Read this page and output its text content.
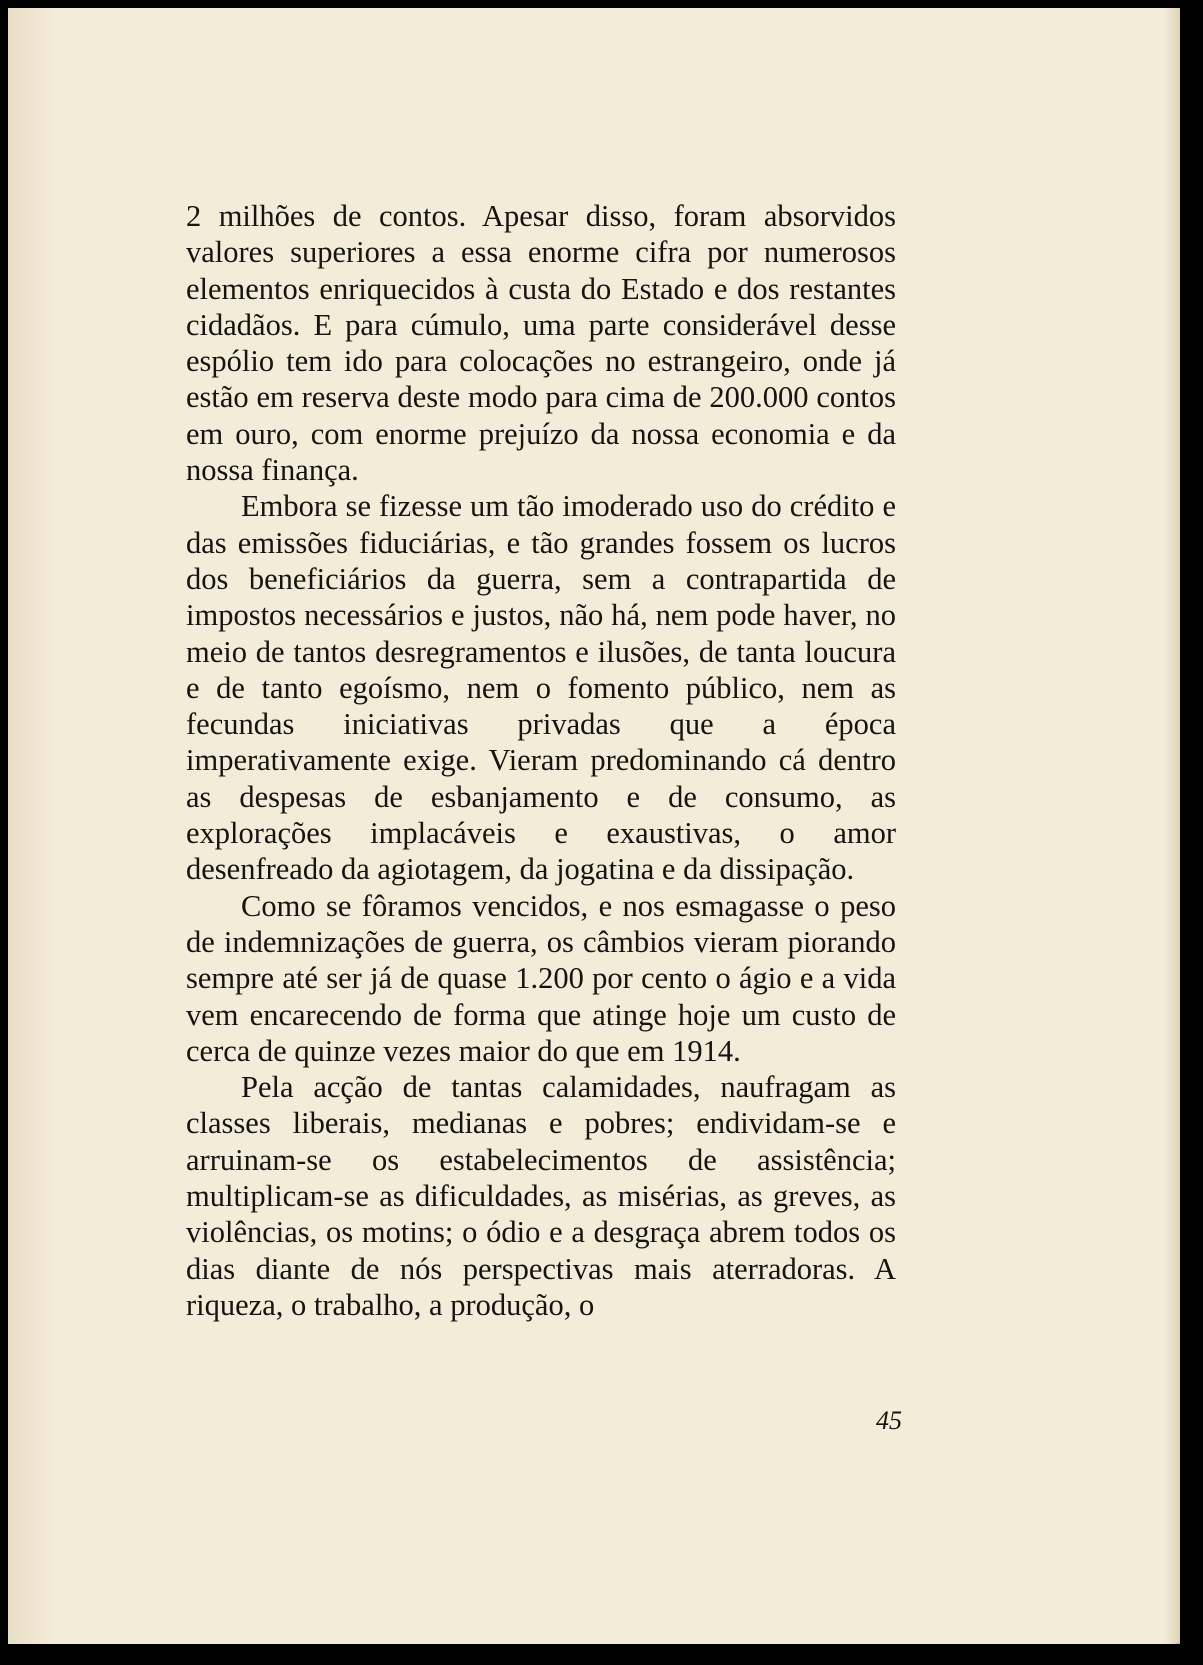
2 milhões de contos. Apesar disso, foram absorvidos valores superiores a essa enorme cifra por numerosos elementos enriquecidos à custa do Estado e dos restantes cidadãos. E para cúmulo, uma parte considerável desse espólio tem ido para colocações no estrangeiro, onde já estão em reserva deste modo para cima de 200.000 contos em ouro, com enorme prejuízo da nossa economia e da nossa finança.

Embora se fizesse um tão imoderado uso do crédito e das emissões fiduciárias, e tão grandes fossem os lucros dos beneficiários da guerra, sem a contrapartida de impostos necessários e justos, não há, nem pode haver, no meio de tantos desregramentos e ilusões, de tanta loucura e de tanto egoísmo, nem o fomento público, nem as fecundas iniciativas privadas que a época imperativamente exige. Vieram predominando cá dentro as despesas de esbanjamento e de consumo, as explorações implacáveis e exaustivas, o amor desenfreado da agiotagem, da jogatina e da dissipação.

Como se fôramos vencidos, e nos esmagasse o peso de indemnizações de guerra, os câmbios vieram piorando sempre até ser já de quase 1.200 por cento o ágio e a vida vem encarecendo de forma que atinge hoje um custo de cerca de quinze vezes maior do que em 1914.

Pela acção de tantas calamidades, naufragam as classes liberais, medianas e pobres; endividam-se e arruinam-se os estabelecimentos de assistência; multiplicam-se as dificuldades, as misérias, as greves, as violências, os motins; o ódio e a desgraça abrem todos os dias diante de nós perspectivas mais aterradoras. A riqueza, o trabalho, a produção, o

45
